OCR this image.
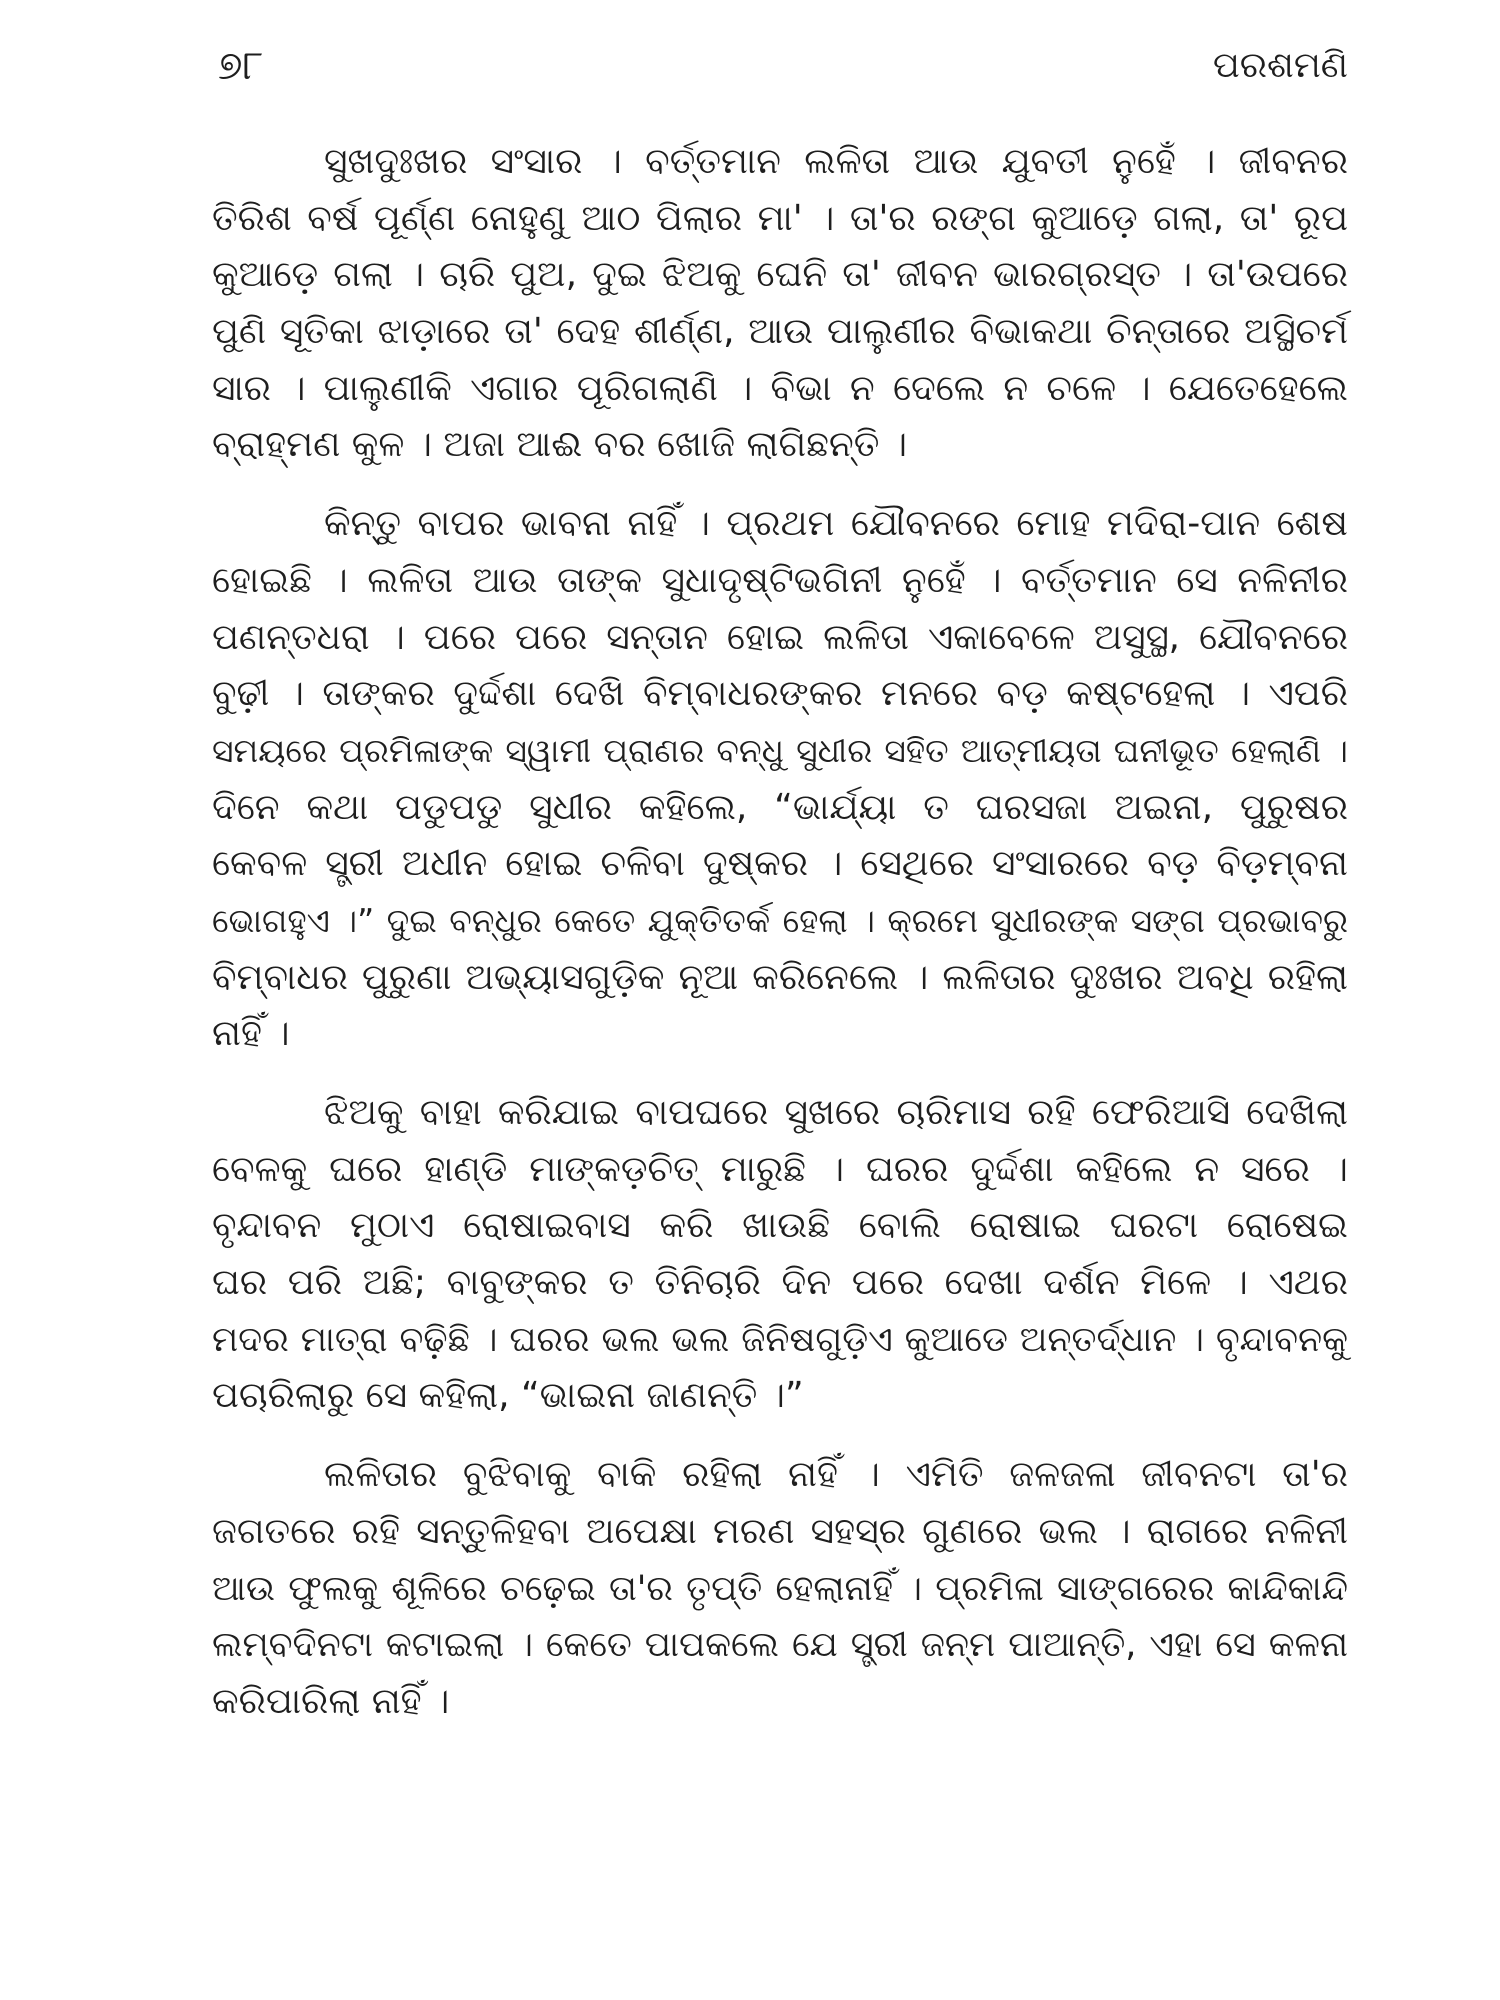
୭୮	ପରଶମଣି
ସୁଖଦୁଃଖର ସଂସାର । ବର୍ତ୍ତମାନ ଲଳିତା ଆଉ ଯୁବତୀ ନୁହେଁ । ଜୀବନର
ତିରିଶ ବର୍ଷ ପୂର୍ଣ୍ଣ ନୋହୁଣୁ ଆଠ ପିଲାର ମା' । ତା'ର ରଙ୍ଗ କୁଆଡ଼େ ଗଲା, ତା' ରୂପ
କୁଆଡ଼େ ଗଲା । ଚାରି ପୁଅ, ଦୁଇ ଝିଅକୁ ଘେନି ତା' ଜୀବନ ଭାରଗ୍ରସ୍ତ । ତା'ଉପରେ
ପୁଣି ସୂତିକା ଝାଡ଼ାରେ ତା' ଦେହ ଶୀର୍ଣ୍ଣ, ଆଉ ପାଲୁଣୀର ବିଭାକଥା ଚିନ୍ତାରେ ଅସ୍ଥିଚର୍ମ
ସାର । ପାଲୁଣୀକି ଏଗାର ପୂରିଗଲାଣି । ବିଭା ନ ଦେଲେ ନ ଚଳେ । ଯେତେହେଲେ
ବ୍ରାହ୍ମଣ କୁଳ । ଅଜା ଆଈ ବର ଖୋଜି ଲାଗିଛନ୍ତି ।
କିନ୍ତୁ ବାପର ଭାବନା ନାହିଁ । ପ୍ରଥମ ଯୌବନରେ ମୋହ ମଦିରା-ପାନ ଶେଷ
ହୋଇଛି । ଲଳିତା ଆଉ ତାଙ୍କ ସୁଧାଦୃଷ୍ଟିଭଗିନୀ ନୁହେଁ । ବର୍ତ୍ତମାନ ସେ ନଳିନୀର
ପଣନ୍ତଧରା । ପରେ ପରେ ସନ୍ତାନ ହୋଇ ଲଳିତା ଏକାବେଳେ ଅସୁସ୍ଥ, ଯୌବନରେ
ବୁଢ଼ୀ । ତାଙ୍କର ଦୁର୍ଦ୍ଦଶା ଦେଖି ବିମ୍ବାଧରଙ୍କର ମନରେ ବଡ଼ କଷ୍ଟହେଲା । ଏପରି
ସମୟରେ ପ୍ରମିଳାଙ୍କ ସ୍ୱାମୀ ପ୍ରାଣର ବନ୍ଧୁ ସୁଧୀର ସହିତ ଆତ୍ମୀୟତା ଘନୀଭୂତ ହେଲାଣି ।
ଦିନେ କଥା ପଡୁପଡୁ ସୁଧୀର କହିଲେ, “ଭାର୍ଯ୍ୟା ତ ଘରସଜା ଅଇନା, ପୁରୁଷର
କେବଳ ସ୍ତ୍ରୀ ଅଧୀନ ହୋଇ ଚଳିବା ଦୁଷ୍କର । ସେଥିରେ ସଂସାରରେ ବଡ଼ ବିଡ଼ମ୍ବନା
ଭୋଗହୁଏ ।” ଦୁଇ ବନ୍ଧୁର କେତେ ଯୁକ୍ତିତର୍କ ହେଲା । କ୍ରମେ ସୁଧୀରଙ୍କ ସଙ୍ଗ ପ୍ରଭାବରୁ
ବିମ୍ବାଧର ପୁରୁଣା ଅଭ୍ୟାସଗୁଡ଼ିକ ନୂଆ କରିନେଲେ । ଲଳିତାର ଦୁଃଖର ଅବଧି ରହିଲା
ନାହିଁ ।
ଝିଅକୁ ବାହା କରିଯାଇ ବାପଘରେ ସୁଖରେ ଚାରିମାସ ରହି ଫେରିଆସି ଦେଖିଲା
ବେଳକୁ ଘରେ ହାଣ୍ଡି ମାଙ୍କଡ଼ଚିତ୍ ମାରୁଛି । ଘରର ଦୁର୍ଦ୍ଦଶା କହିଲେ ନ ସରେ ।
ବୃନ୍ଦାବନ ମୁଠାଏ ରୋଷାଇବାସ କରି ଖାଉଛି ବୋଲି ରୋଷାଇ ଘରଟା ରୋଷେଇ
ଘର ପରି ଅଛି; ବାବୁଙ୍କର ତ ତିନିଚାରି ଦିନ ପରେ ଦେଖା ଦର୍ଶନ ମିଳେ । ଏଥର
ମଦର ମାତ୍ରା ବଢ଼ିଛି । ଘରର ଭଲ ଭଲ ଜିନିଷଗୁଡ଼ିଏ କୁଆଡେ ଅନ୍ତର୍ଦ୍ଧାନ । ବୃନ୍ଦାବନକୁ
ପଚାରିଲାରୁ ସେ କହିଲା, “ଭାଇନା ଜାଣନ୍ତି ।”
ଲଳିତାର ବୁଝିବାକୁ ବାକି ରହିଲା ନାହିଁ । ଏମିତି ଜଳଜଳା ଜୀବନଟା ତା'ର
ଜଗତରେ ରହି ସନ୍ତୁଳିହବା ଅପେକ୍ଷା ମରଣ ସହସ୍ର ଗୁଣରେ ଭଲ । ରାଗରେ ନଳିନୀ
ଆଉ ଫୁଲକୁ ଶୂଳିରେ ଚଢ଼େଇ ତା'ର ତୃପ୍ତି ହେଲାନାହିଁ । ପ୍ରମିଳା ସାଙ୍ଗରେର କାନ୍ଦିକାନ୍ଦି
ଲମ୍ବଦିନଟା କଟାଇଲା । କେତେ ପାପକଲେ ଯେ ସ୍ତ୍ରୀ ଜନ୍ମ ପାଆନ୍ତି, ଏହା ସେ କଳନା
କରିପାରିଲା ନାହିଁ ।
